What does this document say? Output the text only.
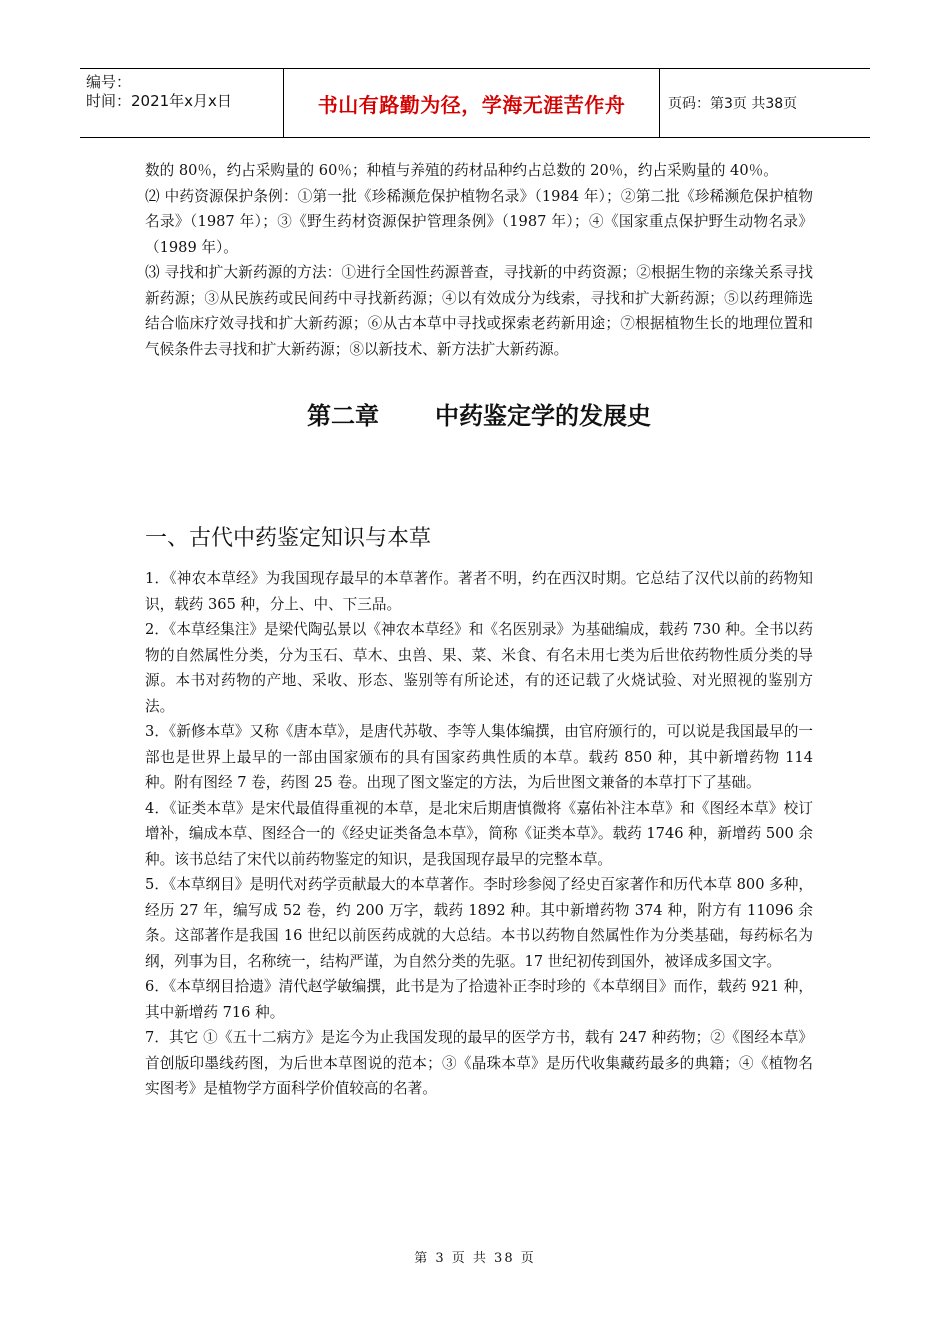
编号：
时间：2021年x月x日	书山有路勤为径，学海无涯苦作舟	页码：第3页 共38页

数的 80％，约占采购量的 60％；种植与养殖的药材品种约占总数的 20％，约占采购量的 40％。

⑵ 中药资源保护条例：①第一批《珍稀濒危保护植物名录》（1984 年）；②第二批《珍稀濒危保护植物名录》（1987 年）；③《野生药材资源保护管理条例》（1987 年）；④《国家重点保护野生动物名录》（1989 年）。

⑶ 寻找和扩大新药源的方法：①进行全国性药源普查，寻找新的中药资源；②根据生物的亲缘关系寻找新药源；③从民族药或民间药中寻找新药源；④以有效成分为线索，寻找和扩大新药源；⑤以药理筛选结合临床疗效寻找和扩大新药源；⑥从古本草中寻找或探索老药新用途；⑦根据植物生长的地理位置和气候条件去寻找和扩大新药源；⑧以新技术、新方法扩大新药源。

第二章 中药鉴定学的发展史
一、古代中药鉴定知识与本草

1．《神农本草经》为我国现存最早的本草著作。著者不明，约在西汉时期。它总结了汉代以前的药物知识，载药 365 种，分上、中、下三品。

2．《本草经集注》是梁代陶弘景以《神农本草经》和《名医别录》为基础编成，载药 730 种。全书以药物的自然属性分类，分为玉石、草木、虫兽、果、菜、米食、有名未用七类为后世依药物性质分类的导源。本书对药物的产地、采收、形态、鉴别等有所论述，有的还记载了火烧试验、对光照视的鉴别方法。

3．《新修本草》又称《唐本草》，是唐代苏敬、李等人集体编撰，由官府颁行的，可以说是我国最早的一部也是世界上最早的一部由国家颁布的具有国家药典性质的本草。载药 850 种，其中新增药物 114 种。附有图经 7 卷，药图 25 卷。出现了图文鉴定的方法，为后世图文兼备的本草打下了基础。

4．《证类本草》是宋代最值得重视的本草，是北宋后期唐慎微将《嘉佑补注本草》和《图经本草》校订增补，编成本草、图经合一的《经史证类备急本草》，简称《证类本草》。载药 1746 种，新增药 500 余种。该书总结了宋代以前药物鉴定的知识，是我国现存最早的完整本草。

5．《本草纲目》是明代对药学贡献最大的本草著作。李时珍参阅了经史百家著作和历代本草 800 多种，经历 27 年，编写成 52 卷，约 200 万字，载药 1892 种。其中新增药物 374 种，附方有 11096 余条。这部著作是我国 16 世纪以前医药成就的大总结。本书以药物自然属性作为分类基础，每药标名为纲，列事为目，名称统一，结构严谨，为自然分类的先驱。17 世纪初传到国外，被译成多国文字。

6．《本草纲目拾遗》清代赵学敏编撰，此书是为了拾遗补正李时珍的《本草纲目》而作，载药 921 种，其中新增药 716 种。

7．其它 ①《五十二病方》是迄今为止我国发现的最早的医学方书，载有 247 种药物；②《图经本草》首创版印墨线药图，为后世本草图说的范本；③《晶珠本草》是历代收集藏药最多的典籍；④《植物名实图考》是植物学方面科学价值较高的名著。

第 3 页 共 38 页
